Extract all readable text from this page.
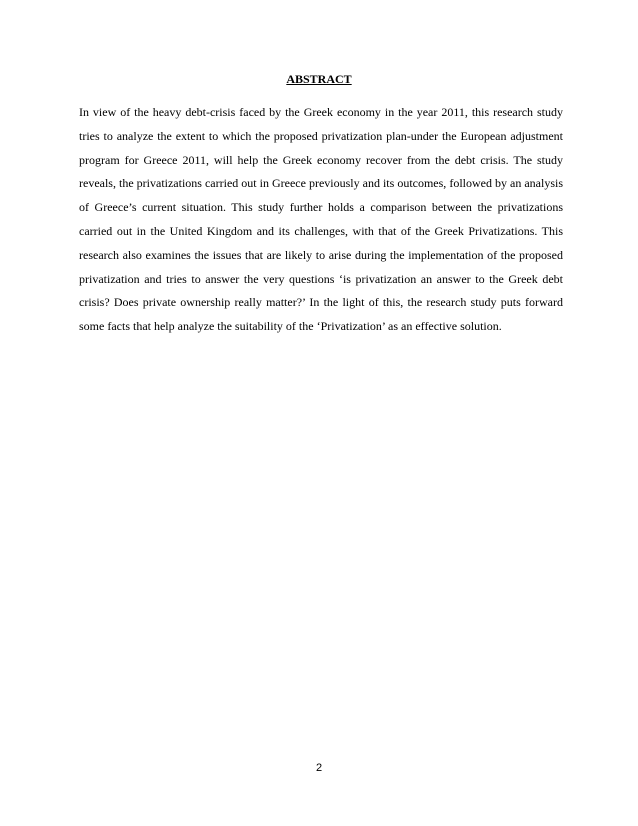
ABSTRACT

In view of the heavy debt-crisis faced by the Greek economy in the year 2011, this research study tries to analyze the extent to which the proposed privatization plan-under the European adjustment program for Greece 2011, will help the Greek economy recover from the debt crisis. The study reveals, the privatizations carried out in Greece previously and its outcomes, followed by an analysis of Greece’s current situation. This study further holds a comparison between the privatizations carried out in the United Kingdom and its challenges, with that of the Greek Privatizations. This research also examines the issues that are likely to arise during the implementation of the proposed privatization and tries to answer the very questions ‘is privatization an answer to the Greek debt crisis? Does private ownership really matter?’ In the light of this, the research study puts forward some facts that help analyze the suitability of the ‘Privatization’ as an effective solution.

2
